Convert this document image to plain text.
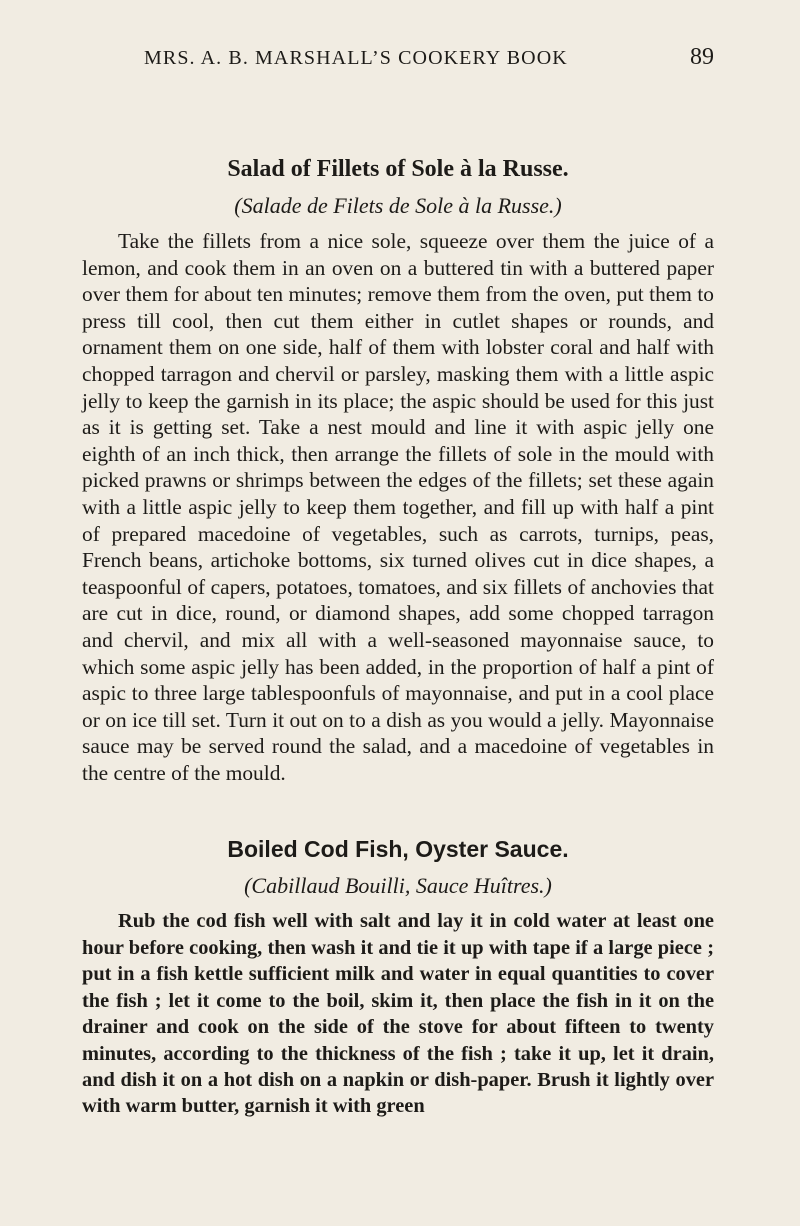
MRS. A. B. MARSHALL’S COOKERY BOOK	89
Salad of Fillets of Sole à la Russe.
(Salade de Filets de Sole à la Russe.)

Take the fillets from a nice sole, squeeze over them the juice of a lemon, and cook them in an oven on a buttered tin with a buttered paper over them for about ten minutes; remove them from the oven, put them to press till cool, then cut them either in cutlet shapes or rounds, and ornament them on one side, half of them with lobster coral and half with chopped tarragon and chervil or parsley, masking them with a little aspic jelly to keep the garnish in its place; the aspic should be used for this just as it is getting set. Take a nest mould and line it with aspic jelly one eighth of an inch thick, then arrange the fillets of sole in the mould with picked prawns or shrimps between the edges of the fillets; set these again with a little aspic jelly to keep them together, and fill up with half a pint of prepared macedoine of vegetables, such as carrots, turnips, peas, French beans, artichoke bottoms, six turned olives cut in dice shapes, a teaspoonful of capers, potatoes, tomatoes, and six fillets of anchovies that are cut in dice, round, or diamond shapes, add some chopped tarragon and chervil, and mix all with a well-seasoned mayonnaise sauce, to which some aspic jelly has been added, in the proportion of half a pint of aspic to three large tablespoonfuls of mayonnaise, and put in a cool place or on ice till set. Turn it out on to a dish as you would a jelly. Mayonnaise sauce may be served round the salad, and a macedoine of vegetables in the centre of the mould.

Boiled Cod Fish, Oyster Sauce.
(Cabillaud Bouilli, Sauce Huîtres.)

Rub the cod fish well with salt and lay it in cold water at least one hour before cooking, then wash it and tie it up with tape if a large piece ; put in a fish kettle sufficient milk and water in equal quantities to cover the fish ; let it come to the boil, skim it, then place the fish in it on the drainer and cook on the side of the stove for about fifteen to twenty minutes, according to the thickness of the fish ; take it up, let it drain, and dish it on a hot dish on a napkin or dish-paper. Brush it lightly over with warm butter, garnish it with green
